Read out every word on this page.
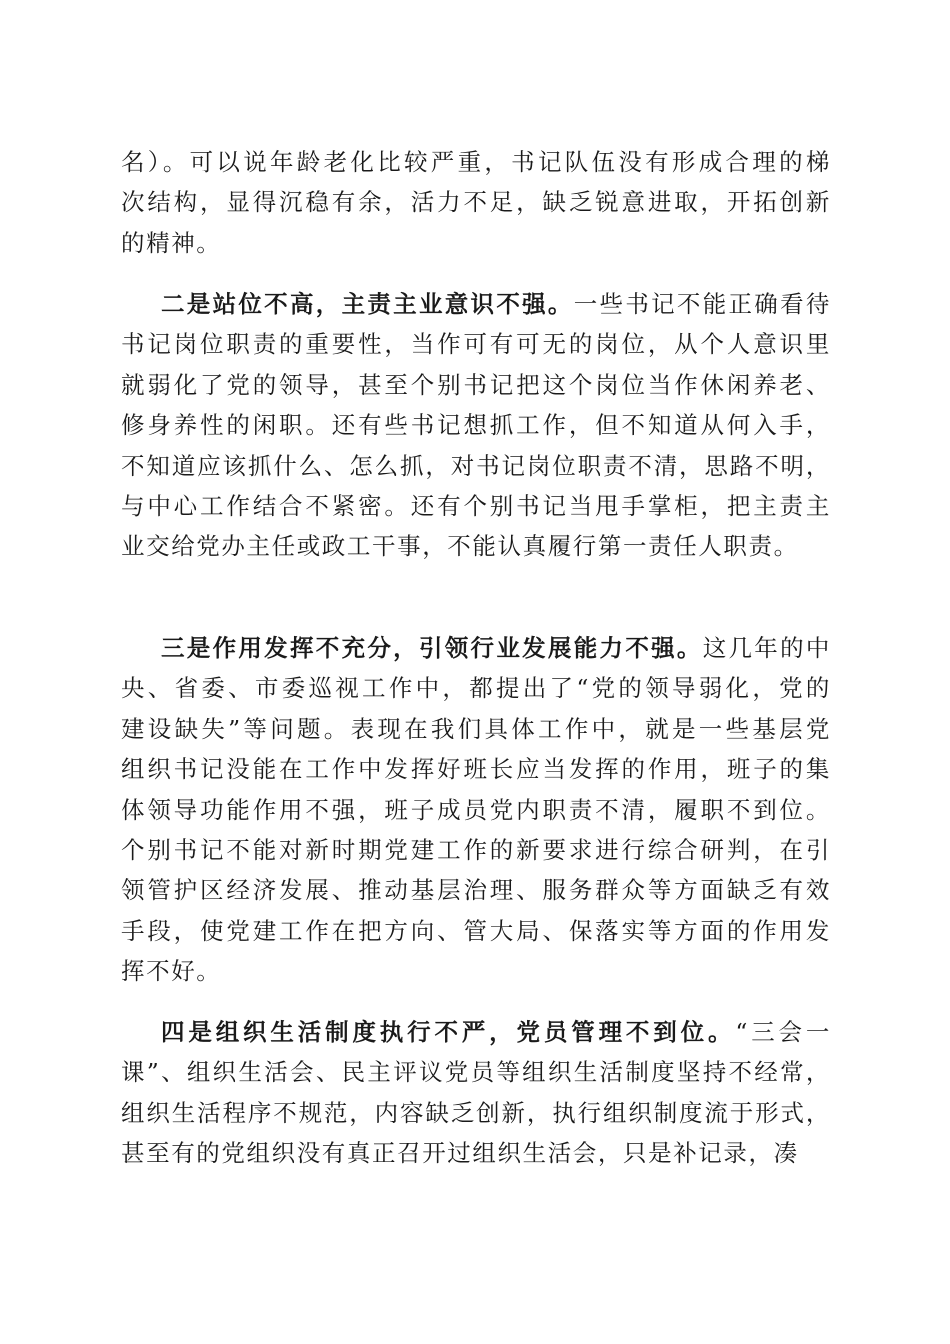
名）。可以说年龄老化比较严重，书记队伍没有形成合理的梯
次结构，显得沉稳有余，活力不足，缺乏锐意进取，开拓创新
的精神。
二是站位不高，主责主业意识不强。一些书记不能正确看待
书记岗位职责的重要性，当作可有可无的岗位，从个人意识里
就弱化了党的领导，甚至个别书记把这个岗位当作休闲养老、
修身养性的闲职。还有些书记想抓工作，但不知道从何入手，
不知道应该抓什么、怎么抓，对书记岗位职责不清，思路不明，
与中心工作结合不紧密。还有个别书记当甩手掌柜，把主责主
业交给党办主任或政工干事，不能认真履行第一责任人职责。
三是作用发挥不充分，引领行业发展能力不强。这几年的中
央、省委、市委巡视工作中，都提出了“党的领导弱化，党的
建设缺失”等问题。表现在我们具体工作中，就是一些基层党
组织书记没能在工作中发挥好班长应当发挥的作用，班子的集
体领导功能作用不强，班子成员党内职责不清，履职不到位。
个别书记不能对新时期党建工作的新要求进行综合研判，在引
领管护区经济发展、推动基层治理、服务群众等方面缺乏有效
手段，使党建工作在把方向、管大局、保落实等方面的作用发
挥不好。
四是组织生活制度执行不严，党员管理不到位。“三会一
课”、组织生活会、民主评议党员等组织生活制度坚持不经常，
组织生活程序不规范，内容缺乏创新，执行组织制度流于形式，
甚至有的党组织没有真正召开过组织生活会，只是补记录，凑
